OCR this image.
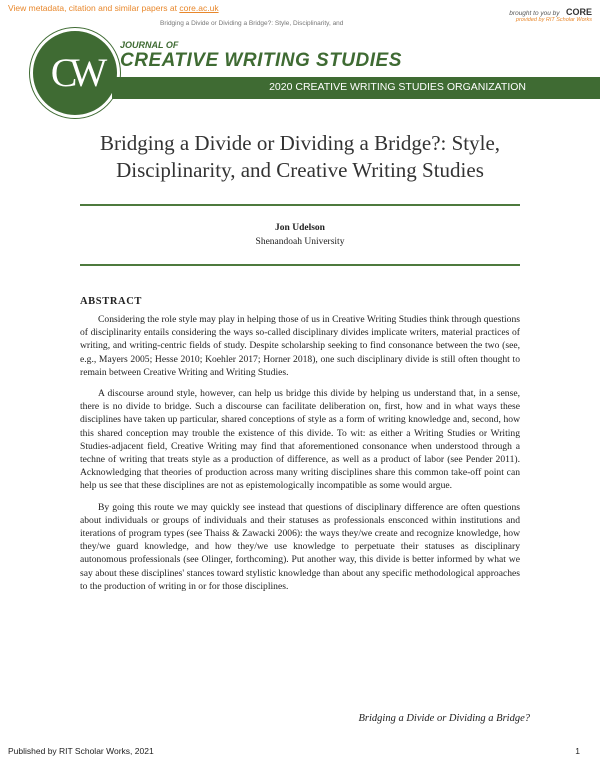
View metadata, citation and similar papers at core.ac.uk
brought to you by CORE
provided by RIT Scholar Works
Bridging a Divide or Dividing a Bridge?: Style, Disciplinarity, and
CW
JOURNAL OF
CREATIVE WRITING STUDIES
2020 CREATIVE WRITING STUDIES ORGANIZATION
Bridging a Divide or Dividing a Bridge?: Style,
Disciplinarity, and Creative Writing Studies
Jon Udelson
Shenandoah University
ABSTRACT

Considering the role style may play in helping those of us in Creative Writing Studies think through questions of disciplinarity entails considering the ways so-called disciplinary divides implicate writers, material practices of writing, and writing-centric fields of study. Despite scholarship seeking to find consonance between the two (see, e.g., Mayers 2005; Hesse 2010; Koehler 2017; Horner 2018), one such disciplinary divide is still often thought to remain between Creative Writing and Writing Studies.

A discourse around style, however, can help us bridge this divide by helping us understand that, in a sense, there is no divide to bridge. Such a discourse can facilitate deliberation on, first, how and in what ways these disciplines have taken up particular, shared conceptions of style as a form of writing knowledge and, second, how this shared conception may trouble the existence of this divide. To wit: as either a Writing Studies or Writing Studies-adjacent field, Creative Writing may find that aforementioned consonance when understood through a techne of writing that treats style as a production of difference, as well as a product of labor (see Pender 2011). Acknowledging that theories of production across many writing disciplines share this common take-off point can help us see that these disciplines are not as epistemologically incompatible as some would argue.

By going this route we may quickly see instead that questions of disciplinary difference are often questions about individuals or groups of individuals and their statuses as professionals ensconced within institutions and iterations of program types (see Thaiss & Zawacki 2006): the ways they/we create and recognize knowledge, how they/we guard knowledge, and how they/we use knowledge to perpetuate their statuses as disciplinary autonomous professionals (see Olinger, forthcoming). Put another way, this divide is better informed by what we say about these disciplines' stances toward stylistic knowledge than about any specific methodological approaches to the production of writing in or for those disciplines.

Bridging a Divide or Dividing a Bridge?
Published by RIT Scholar Works, 2021	1
